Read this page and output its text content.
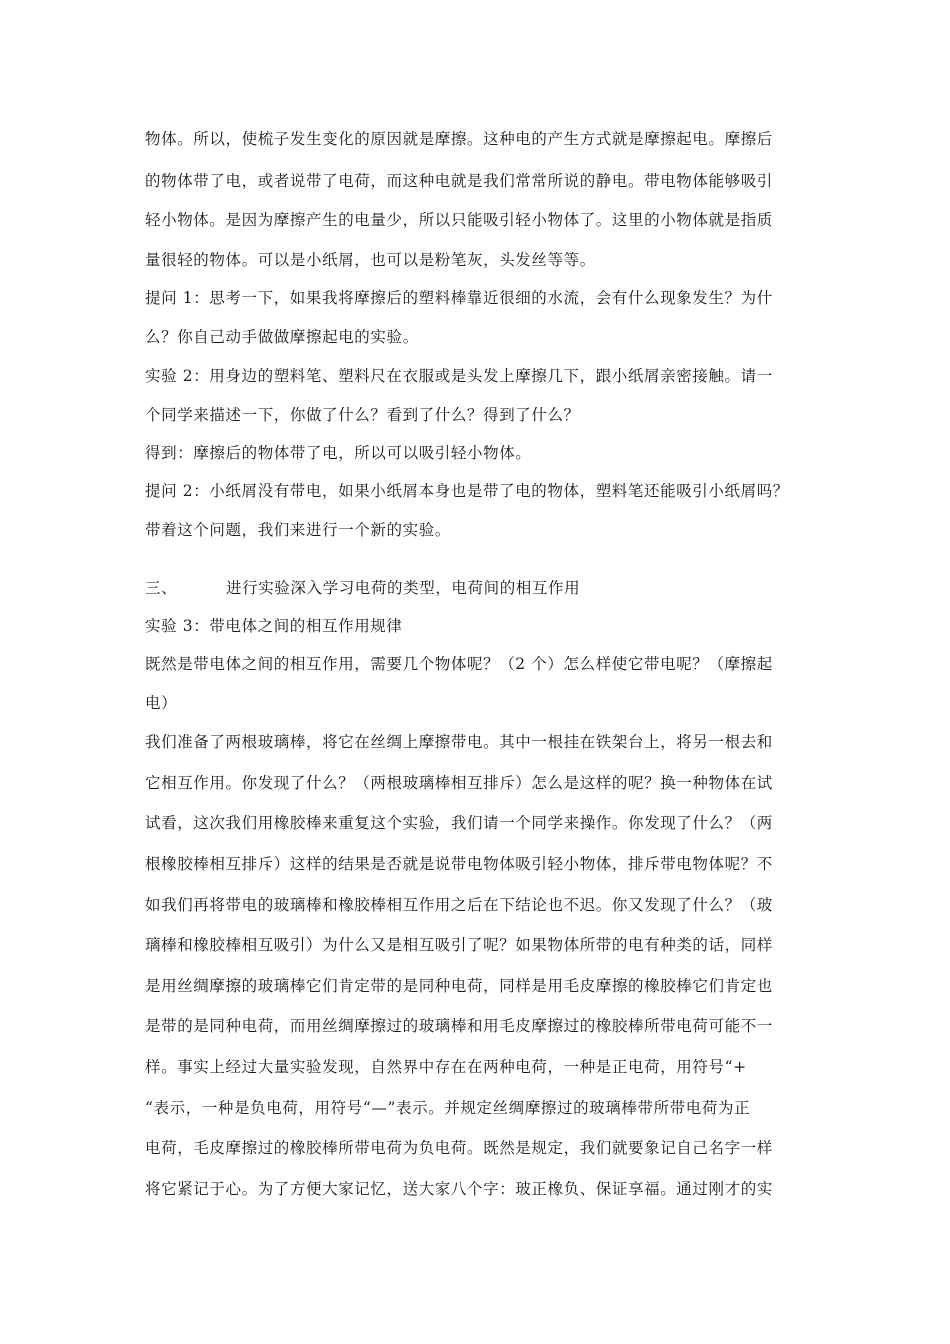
物体。所以，使梳子发生变化的原因就是摩擦。这种电的产生方式就是摩擦起电。摩擦后
的物体带了电，或者说带了电荷，而这种电就是我们常常所说的静电。带电物体能够吸引
轻小物体。是因为摩擦产生的电量少，所以只能吸引轻小物体了。这里的小物体就是指质
量很轻的物体。可以是小纸屑，也可以是粉笔灰，头发丝等等。
提问 1：思考一下，如果我将摩擦后的塑料棒靠近很细的水流，会有什么现象发生？为什
么？你自己动手做做摩擦起电的实验。
实验 2：用身边的塑料笔、塑料尺在衣服或是头发上摩擦几下，跟小纸屑亲密接触。请一
个同学来描述一下，你做了什么？看到了什么？得到了什么？
得到：摩擦后的物体带了电，所以可以吸引轻小物体。
提问 2：小纸屑没有带电，如果小纸屑本身也是带了电的物体，塑料笔还能吸引小纸屑吗？
带着这个问题，我们来进行一个新的实验。
三、	进行实验深入学习电荷的类型，电荷间的相互作用
实验 3：带电体之间的相互作用规律
既然是带电体之间的相互作用，需要几个物体呢？（2 个）怎么样使它带电呢？（摩擦起
电）
我们准备了两根玻璃棒，将它在丝绸上摩擦带电。其中一根挂在铁架台上，将另一根去和
它相互作用。你发现了什么？（两根玻璃棒相互排斥）怎么是这样的呢？换一种物体在试
试看，这次我们用橡胶棒来重复这个实验，我们请一个同学来操作。你发现了什么？（两
根橡胶棒相互排斥）这样的结果是否就是说带电物体吸引轻小物体，排斥带电物体呢？不
如我们再将带电的玻璃棒和橡胶棒相互作用之后在下结论也不迟。你又发现了什么？（玻
璃棒和橡胶棒相互吸引）为什么又是相互吸引了呢？如果物体所带的电有种类的话，同样
是用丝绸摩擦的玻璃棒它们肯定带的是同种电荷，同样是用毛皮摩擦的橡胶棒它们肯定也
是带的是同种电荷，而用丝绸摩擦过的玻璃棒和用毛皮摩擦过的橡胶棒所带电荷可能不一
样。事实上经过大量实验发现，自然界中存在在两种电荷，一种是正电荷，用符号“+
“表示，一种是负电荷，用符号“—”表示。并规定丝绸摩擦过的玻璃棒带所带电荷为正
电荷，毛皮摩擦过的橡胶棒所带电荷为负电荷。既然是规定，我们就要象记自己名字一样
将它紧记于心。为了方便大家记忆，送大家八个字：玻正橡负、保证享福。通过刚才的实
